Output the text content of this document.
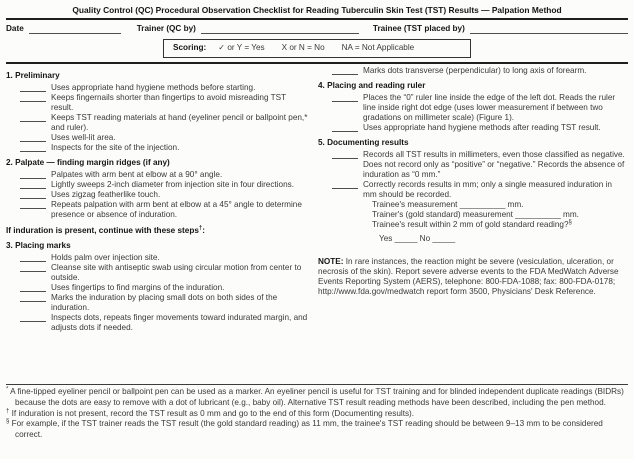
Quality Control (QC) Procedural Observation Checklist for Reading Tuberculin Skin Test (TST) Results — Palpation Method
Date	Trainer (QC by)	Trainee (TST placed by)
Scoring: ✓ or Y = Yes X or N = No NA = Not Applicable
1. Preliminary
Uses appropriate hand hygiene methods before starting.
Keeps fingernails shorter than fingertips to avoid misreading TST result.
Keeps TST reading materials at hand (eyeliner pencil or ballpoint pen,* and ruler).
Uses well-lit area.
Inspects for the site of the injection.
2. Palpate — finding margin ridges (if any)
Palpates with arm bent at elbow at a 90° angle.
Lightly sweeps 2-inch diameter from injection site in four directions.
Uses zigzag featherlike touch.
Repeats palpation with arm bent at elbow at a 45° angle to determine presence or absence of induration.
If induration is present, continue with these steps†:
3. Placing marks
Holds palm over injection site.
Cleanse site with antiseptic swab using circular motion from center to outside.
Uses fingertips to find margins of the induration.
Marks the induration by placing small dots on both sides of the induration.
Inspects dots, repeats finger movements toward indurated margin, and adjusts dots if needed.
Marks dots transverse (perpendicular) to long axis of forearm.
4. Placing and reading ruler
Places the “0” ruler line inside the edge of the left dot. Reads the ruler line inside right dot edge (uses lower measurement if between two gradations on millimeter scale) (Figure 1).
Uses appropriate hand hygiene methods after reading TST result.
5. Documenting results
Records all TST results in millimeters, even those classified as negative. Does not record only as “positive” or “negative.” Records the absence of induration as “0 mm.”
Correctly records results in mm; only a single measured induration in mm should be recorded.
Trainee's measurement __________ mm.
Trainer's (gold standard) measurement __________ mm.
Trainee's result within 2 mm of gold standard reading?§
Yes _____ No _____
NOTE: In rare instances, the reaction might be severe (vesiculation, ulceration, or necrosis of the skin). Report severe adverse events to the FDA MedWatch Adverse Events Reporting System (AERS), telephone: 800-FDA-1088; fax: 800-FDA-0178; http://www.fda.gov/medwatch report form 3500, Physicians' Desk Reference.
* A fine-tipped eyeliner pencil or ballpoint pen can be used as a marker. An eyeliner pencil is useful for TST training and for blinded independent duplicate readings (BIDRs) because the dots are easy to remove with a dot of lubricant (e.g., baby oil). Alternative TST result reading methods have been described, including the pen method.
† If induration is not present, record the TST result as 0 mm and go to the end of this form (Documenting results).
§ For example, if the TST trainer reads the TST result (the gold standard reading) as 11 mm, the trainee's TST reading should be between 9–13 mm to be considered correct.
